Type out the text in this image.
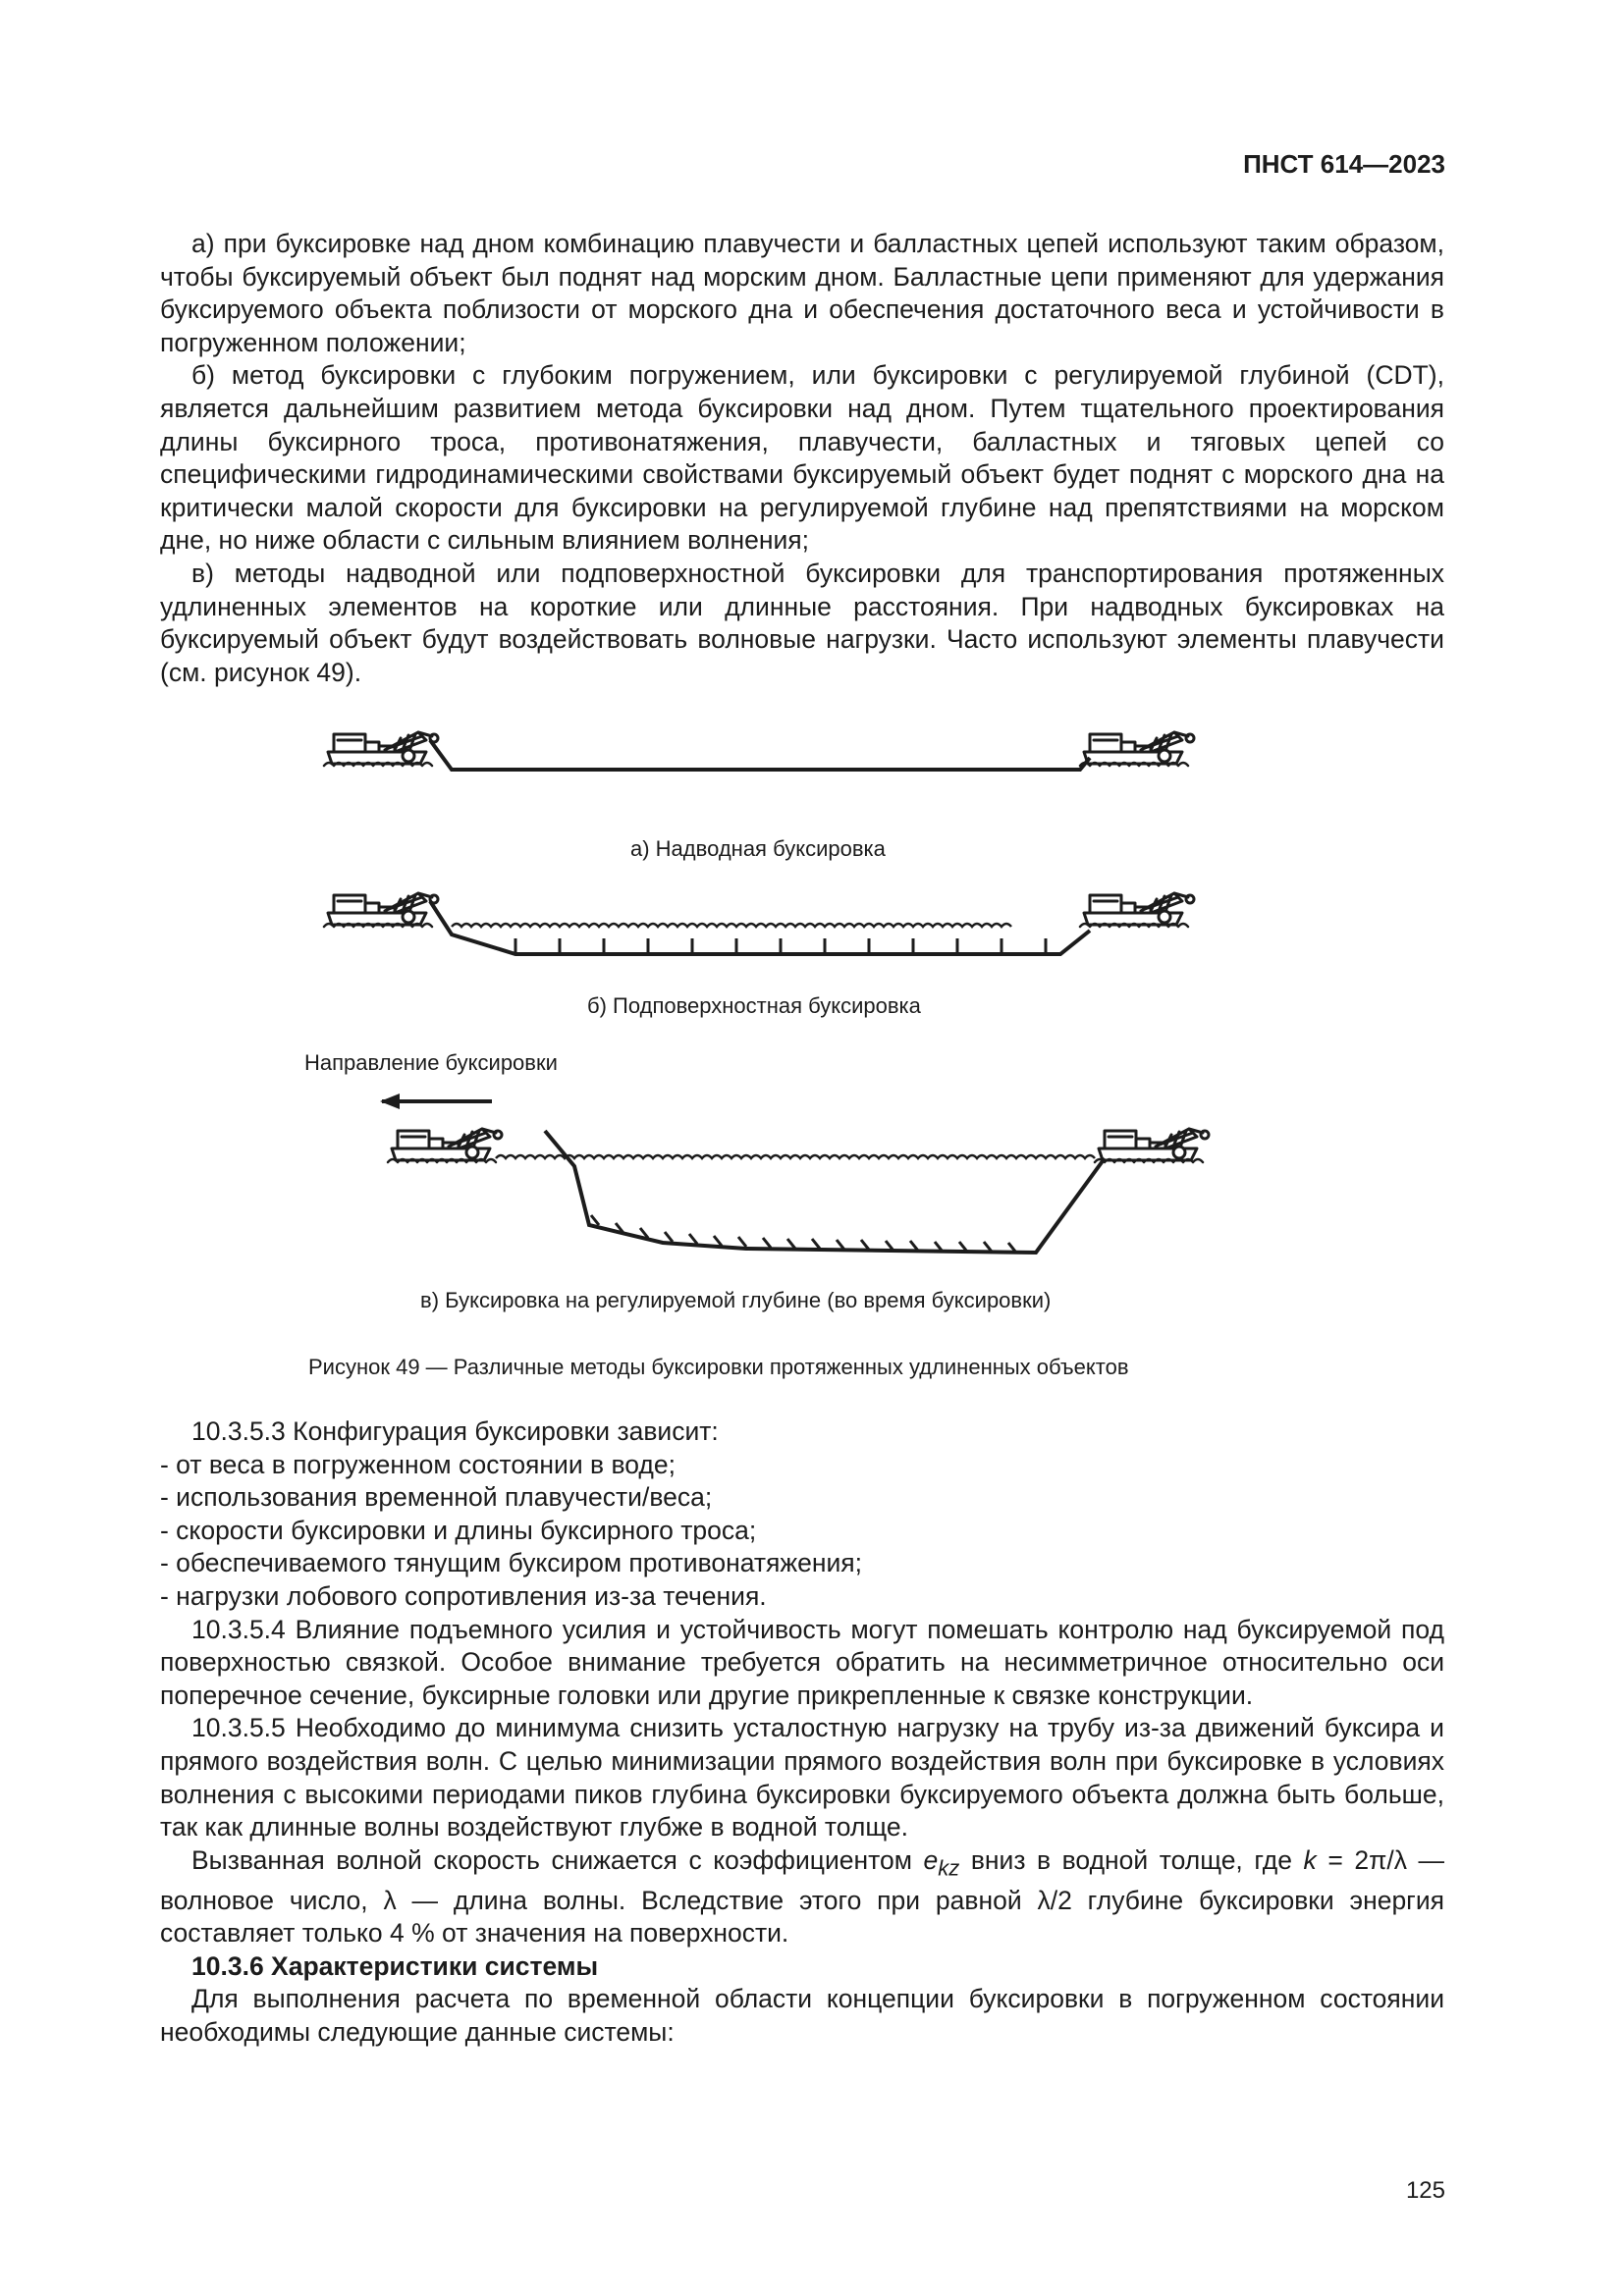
ПНСТ 614—2023

а) при буксировке над дном комбинацию плавучести и балластных цепей используют таким образом, чтобы буксируемый объект был поднят над морским дном. Балластные цепи применяют для удержания буксируемого объекта поблизости от морского дна и обеспечения достаточного веса и устойчивости в погруженном положении;

б) метод буксировки с глубоким погружением, или буксировки с регулируемой глубиной (CDT), является дальнейшим развитием метода буксировки над дном. Путем тщательного проектирования длины буксирного троса, противонатяжения, плавучести, балластных и тяговых цепей со специфическими гидродинамическими свойствами буксируемый объект будет поднят с морского дна на критически малой скорости для буксировки на регулируемой глубине над препятствиями на морском дне, но ниже области с сильным влиянием волнения;

в) методы надводной или подповерхностной буксировки для транспортирования протяженных удлиненных элементов на короткие или длинные расстояния. При надводных буксировках на буксируемый объект будут воздействовать волновые нагрузки. Часто используют элементы плавучести (см. рисунок 49).

а) Надводная буксировка
б) Подповерхностная буксировка
Направление буксировки
в) Буксировка на регулируемой глубине (во время буксировки)
Рисунок 49 — Различные методы буксировки протяженных удлиненных объектов

10.3.5.3 Конфигурация буксировки зависит:

- от веса в погруженном состоянии в воде;

- использования временной плавучести/веса;

- скорости буксировки и длины буксирного троса;

- обеспечиваемого тянущим буксиром противонатяжения;

- нагрузки лобового сопротивления из-за течения.

10.3.5.4 Влияние подъемного усилия и устойчивость могут помешать контролю над буксируемой под поверхностью связкой. Особое внимание требуется обратить на несимметричное относительно оси поперечное сечение, буксирные головки или другие прикрепленные к связке конструкции.

10.3.5.5 Необходимо до минимума снизить усталостную нагрузку на трубу из-за движений буксира и прямого воздействия волн. С целью минимизации прямого воздействия волн при буксировке в условиях волнения с высокими периодами пиков глубина буксировки буксируемого объекта должна быть больше, так как длинные волны воздействуют глубже в водной толще.

Вызванная волной скорость снижается с коэффициентом $e_{kz}$ вниз в водной толще, где k = 2π/λ — волновое число, λ — длина волны. Вследствие этого при равной λ/2 глубине буксировки энергия составляет только 4 % от значения на поверхности.

10.3.6 Характеристики системы

Для выполнения расчета по временной области концепции буксировки в погруженном состоянии необходимы следующие данные системы:

125
